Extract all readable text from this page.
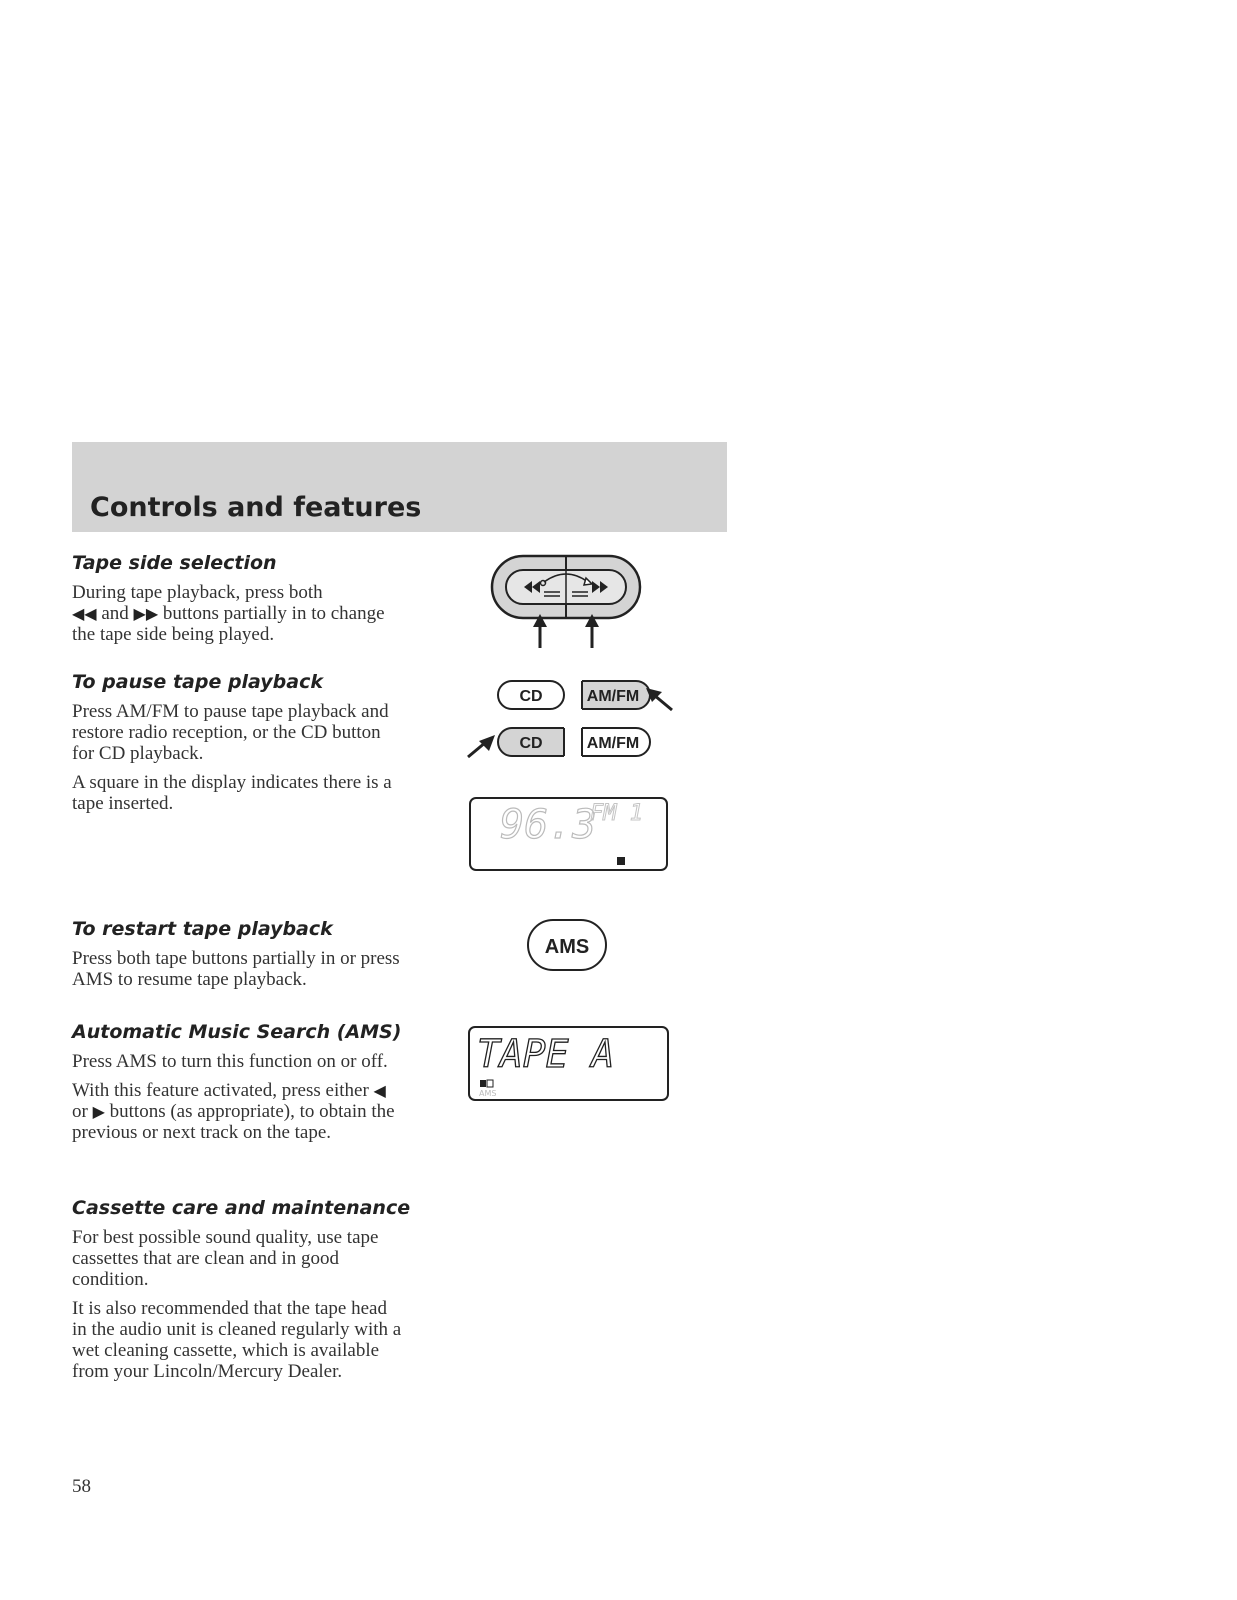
Controls and features
Tape side selection

During tape playback, press both
◀◀ and ▶▶ buttons partially in to change the tape side being played.

To pause tape playback

Press AM/FM to pause tape playback and restore radio reception, or the CD button for CD playback.

A square in the display indicates there is a tape inserted.

To restart tape playback

Press both tape buttons partially in or press AMS to resume tape playback.

Automatic Music Search (AMS)

Press AMS to turn this function on or off.

With this feature activated, press either ◀ or ▶ buttons (as appropriate), to obtain the previous or next track on the tape.

Cassette care and maintenance

For best possible sound quality, use tape cassettes that are clean and in good condition.

It is also recommended that the tape head in the audio unit is cleaned regularly with a wet cleaning cassette, which is available from your Lincoln/Mercury Dealer.

CD	AM/FM
CD	AM/FM
96.3
FM 1
AMS
TAPE A
AMS
58
